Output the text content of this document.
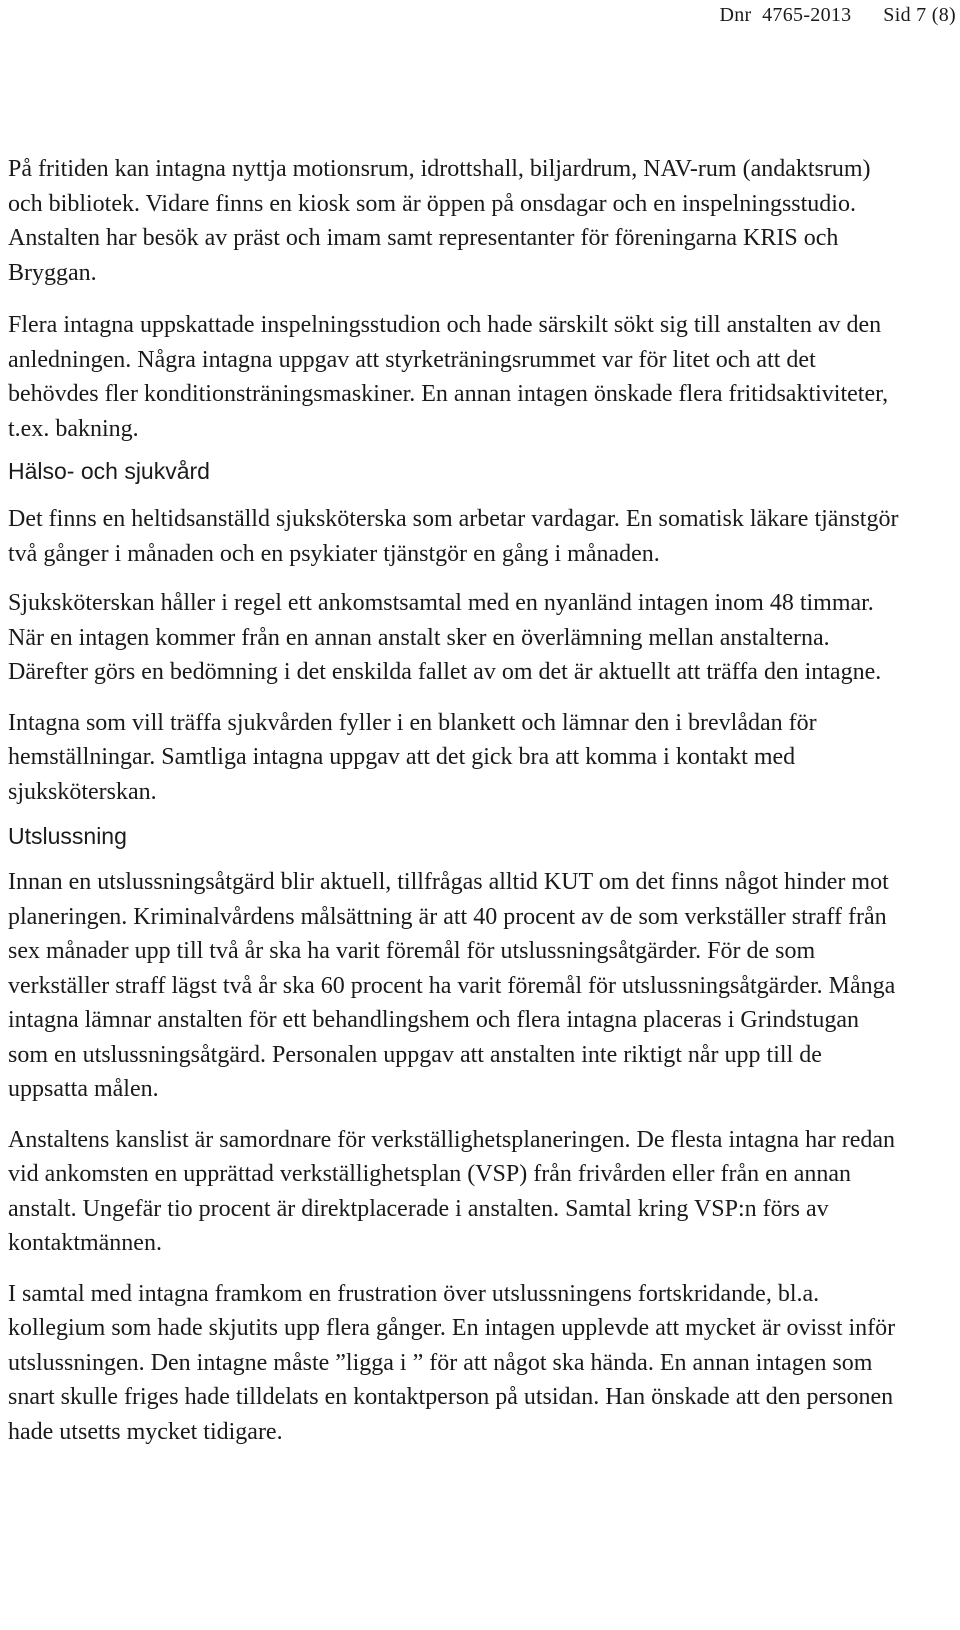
Dnr  4765-2013 Sid 7 (8)

På fritiden kan intagna nyttja motionsrum, idrottshall, biljardrum, NAV-rum (andaktsrum) och bibliotek. Vidare finns en kiosk som är öppen på onsdagar och en inspelningsstudio. Anstalten har besök av präst och imam samt representanter för föreningarna KRIS och Bryggan.

Flera intagna uppskattade inspelningsstudion och hade särskilt sökt sig till anstalten av den anledningen. Några intagna uppgav att styrketräningsrummet var för litet och att det behövdes fler konditionsträningsmaskiner. En annan intagen önskade flera fritidsaktiviteter, t.ex. bakning.

Hälso- och sjukvård

Det finns en heltidsanställd sjuksköterska som arbetar vardagar. En somatisk läkare tjänstgör två gånger i månaden och en psykiater tjänstgör en gång i månaden.

Sjuksköterskan håller i regel ett ankomstsamtal med en nyanländ intagen inom 48 timmar. När en intagen kommer från en annan anstalt sker en överlämning mellan anstalterna. Därefter görs en bedömning i det enskilda fallet av om det är aktuellt att träffa den intagne.

Intagna som vill träffa sjukvården fyller i en blankett och lämnar den i brevlådan för hemställningar. Samtliga intagna uppgav att det gick bra att komma i kontakt med sjuksköterskan.

Utslussning

Innan en utslussningsåtgärd blir aktuell, tillfrågas alltid KUT om det finns något hinder mot planeringen. Kriminalvårdens målsättning är att 40 procent av de som verkställer straff från sex månader upp till två år ska ha varit föremål för utslussningsåtgärder. För de som verkställer straff lägst två år ska 60 procent ha varit föremål för utslussningsåtgärder. Många intagna lämnar anstalten för ett behandlingshem och flera intagna placeras i Grindstugan som en utslussningsåtgärd. Personalen uppgav att anstalten inte riktigt når upp till de uppsatta målen.

Anstaltens kanslist är samordnare för verkställighetsplaneringen. De flesta intagna har redan vid ankomsten en upprättad verkställighetsplan (VSP) från frivården eller från en annan anstalt. Ungefär tio procent är direktplacerade i anstalten. Samtal kring VSP:n förs av kontaktmännen.

I samtal med intagna framkom en frustration över utslussningens fortskridande, bl.a. kollegium som hade skjutits upp flera gånger. En intagen upplevde att mycket är ovisst inför utslussningen. Den intagne måste ”ligga i ” för att något ska hända. En annan intagen som snart skulle friges hade tilldelats en kontaktperson på utsidan. Han önskade att den personen hade utsetts mycket tidigare.
